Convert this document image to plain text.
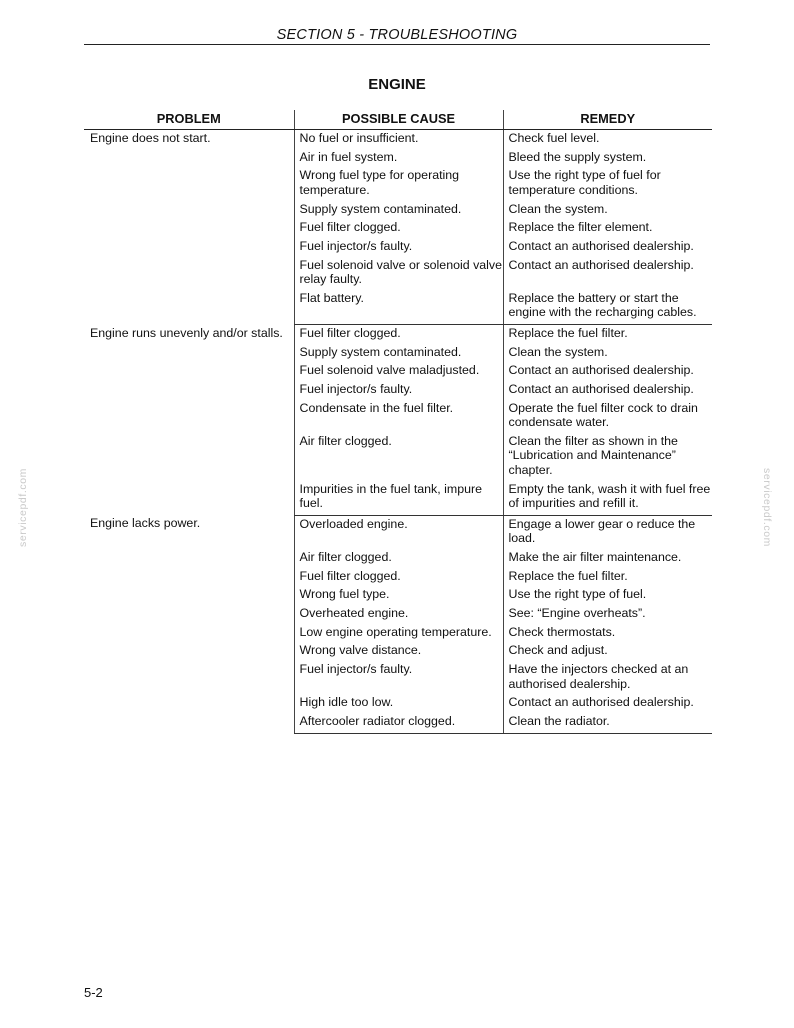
SECTION 5 - TROUBLESHOOTING
ENGINE
PROBLEM	POSSIBLE CAUSE	REMEDY
Engine does not start.	No fuel or insufficient.	Check fuel level.
	Air in fuel system.	Bleed the supply system.
	Wrong fuel type for operating temperature.	Use the right type of fuel for temperature conditions.
	Supply system contaminated.	Clean the system.
	Fuel filter clogged.	Replace the filter element.
	Fuel injector/s faulty.	Contact an authorised dealership.
	Fuel solenoid valve or solenoid valve relay faulty.	Contact an authorised dealership.
	Flat battery.	Replace the battery or start the engine with the recharging cables.
Engine runs unevenly and/or stalls.	Fuel filter clogged.	Replace the fuel filter.
	Supply system contaminated.	Clean the system.
	Fuel solenoid valve maladjusted.	Contact an authorised dealership.
	Fuel injector/s faulty.	Contact an authorised dealership.
	Condensate in the fuel filter.	Operate the fuel filter cock to drain condensate water.
	Air filter clogged.	Clean the filter as shown in the “Lubrication and Maintenance” chapter.
	Impurities in the fuel tank, impure fuel.	Empty the tank, wash it with fuel free of impurities and refill it.
Engine lacks power.	Overloaded engine.	Engage a lower gear o reduce the load.
	Air filter clogged.	Make the air filter maintenance.
	Fuel filter clogged.	Replace the fuel filter.
	Wrong fuel type.	Use the right type of fuel.
	Overheated engine.	See: “Engine overheats”.
	Low engine operating temperature.	Check thermostats.
	Wrong valve distance.	Check and adjust.
	Fuel injector/s faulty.	Have the injectors checked at an authorised dealership.
	High idle too low.	Contact an authorised dealership.
	Aftercooler radiator clogged.	Clean the radiator.
servicepdf.com	servicepdf.com
5-2
